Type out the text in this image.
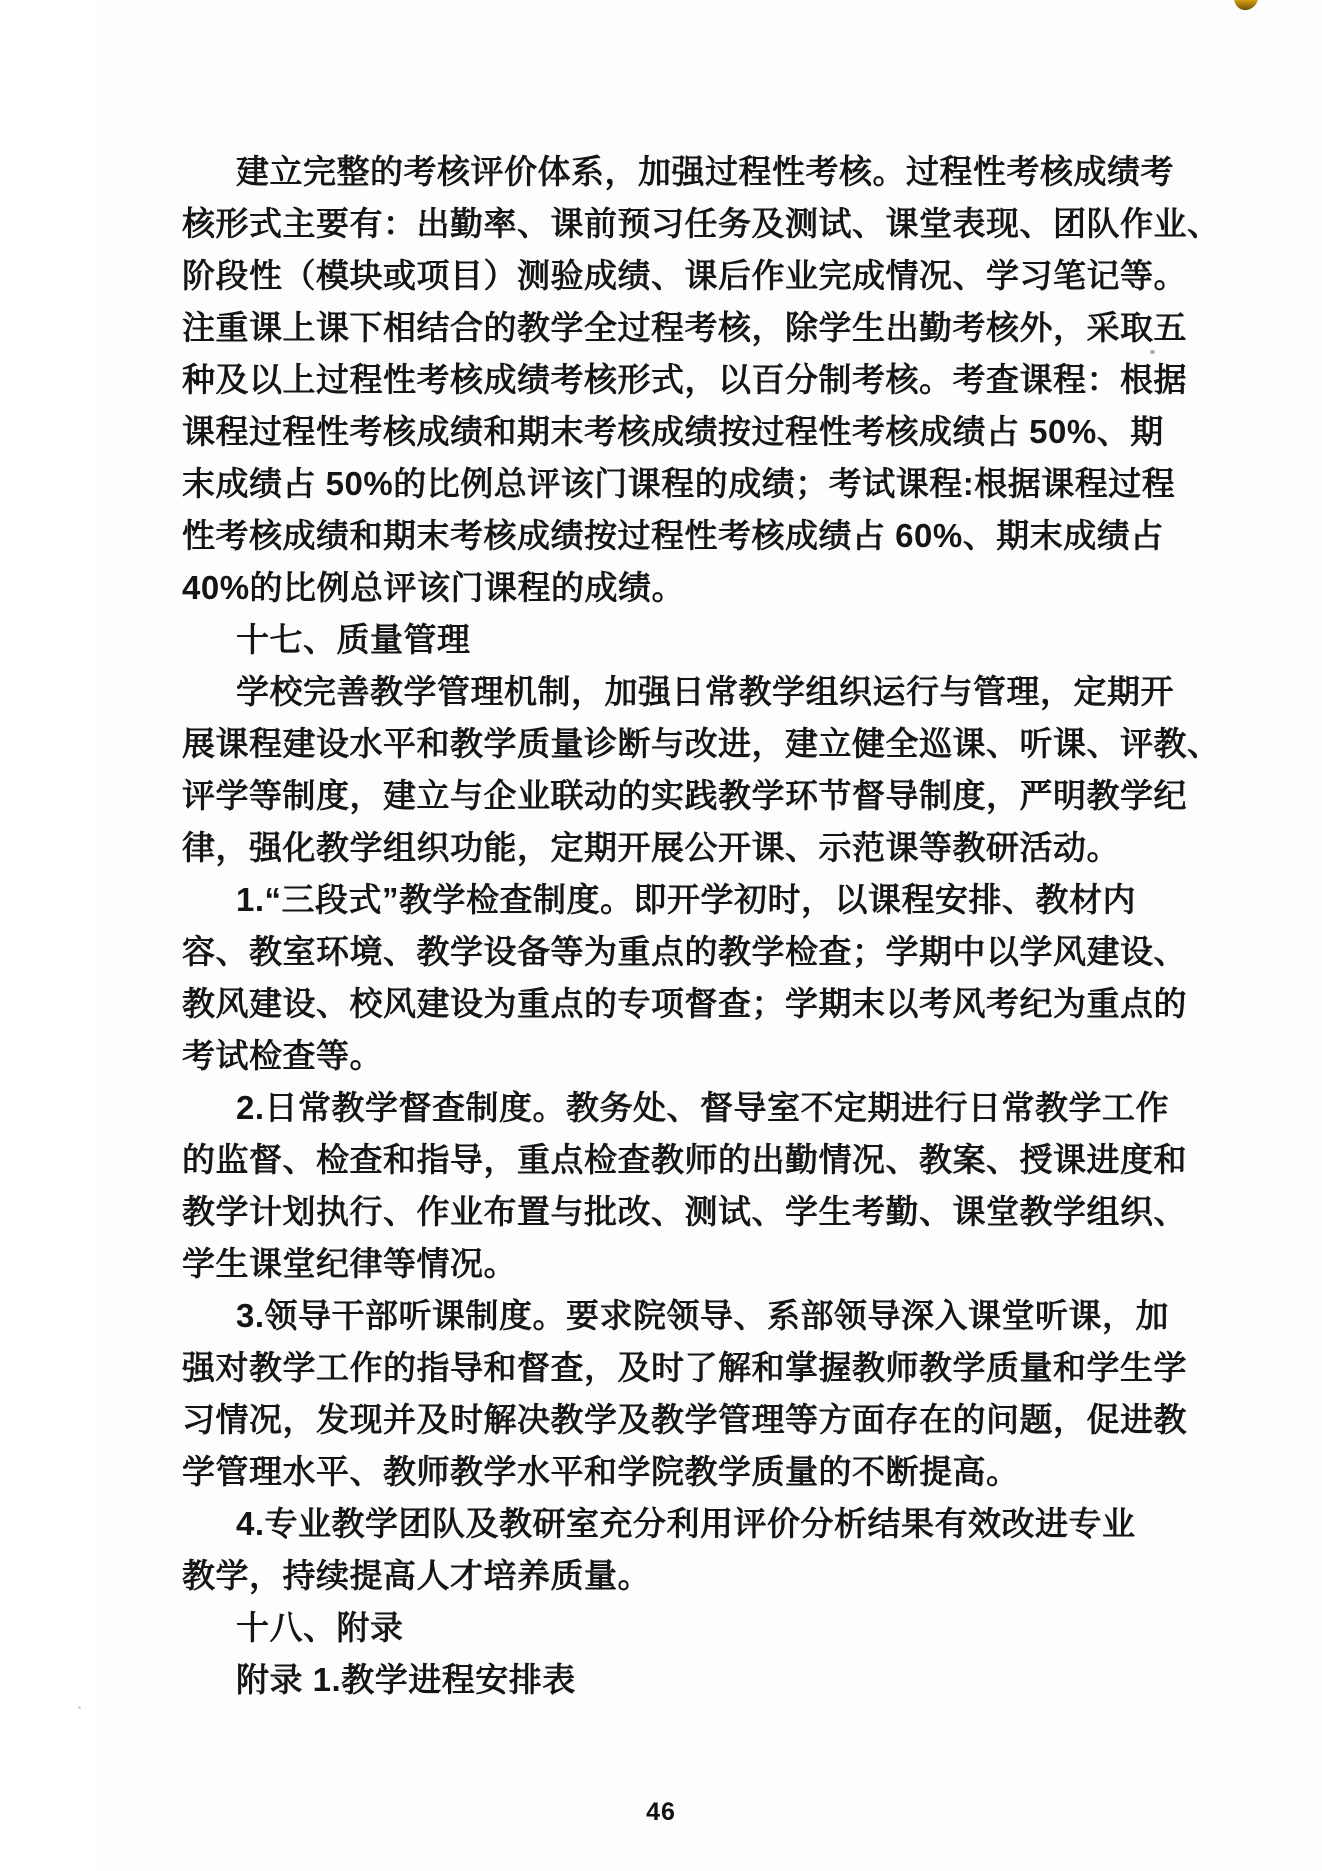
建立完整的考核评价体系，加强过程性考核。过程性考核成绩考
核形式主要有：出勤率、课前预习任务及测试、课堂表现、团队作业、
阶段性（模块或项目）测验成绩、课后作业完成情况、学习笔记等。
注重课上课下相结合的教学全过程考核，除学生出勤考核外，采取五
种及以上过程性考核成绩考核形式，以百分制考核。考查课程：根据
课程过程性考核成绩和期末考核成绩按过程性考核成绩占 50%、期
末成绩占 50%的比例总评该门课程的成绩；考试课程:根据课程过程
性考核成绩和期末考核成绩按过程性考核成绩占 60%、期末成绩占
40%的比例总评该门课程的成绩。
十七、质量管理
学校完善教学管理机制，加强日常教学组织运行与管理，定期开
展课程建设水平和教学质量诊断与改进，建立健全巡课、听课、评教、
评学等制度，建立与企业联动的实践教学环节督导制度，严明教学纪
律，强化教学组织功能，定期开展公开课、示范课等教研活动。
1.“三段式”教学检查制度。即开学初时，以课程安排、教材内
容、教室环境、教学设备等为重点的教学检查；学期中以学风建设、
教风建设、校风建设为重点的专项督查；学期末以考风考纪为重点的
考试检查等。
2.日常教学督查制度。教务处、督导室不定期进行日常教学工作
的监督、检查和指导，重点检查教师的出勤情况、教案、授课进度和
教学计划执行、作业布置与批改、测试、学生考勤、课堂教学组织、
学生课堂纪律等情况。
3.领导干部听课制度。要求院领导、系部领导深入课堂听课，加
强对教学工作的指导和督查，及时了解和掌握教师教学质量和学生学
习情况，发现并及时解决教学及教学管理等方面存在的问题，促进教
学管理水平、教师教学水平和学院教学质量的不断提高。
4.专业教学团队及教研室充分利用评价分析结果有效改进专业
教学，持续提高人才培养质量。
十八、附录
附录 1.教学进程安排表
46
